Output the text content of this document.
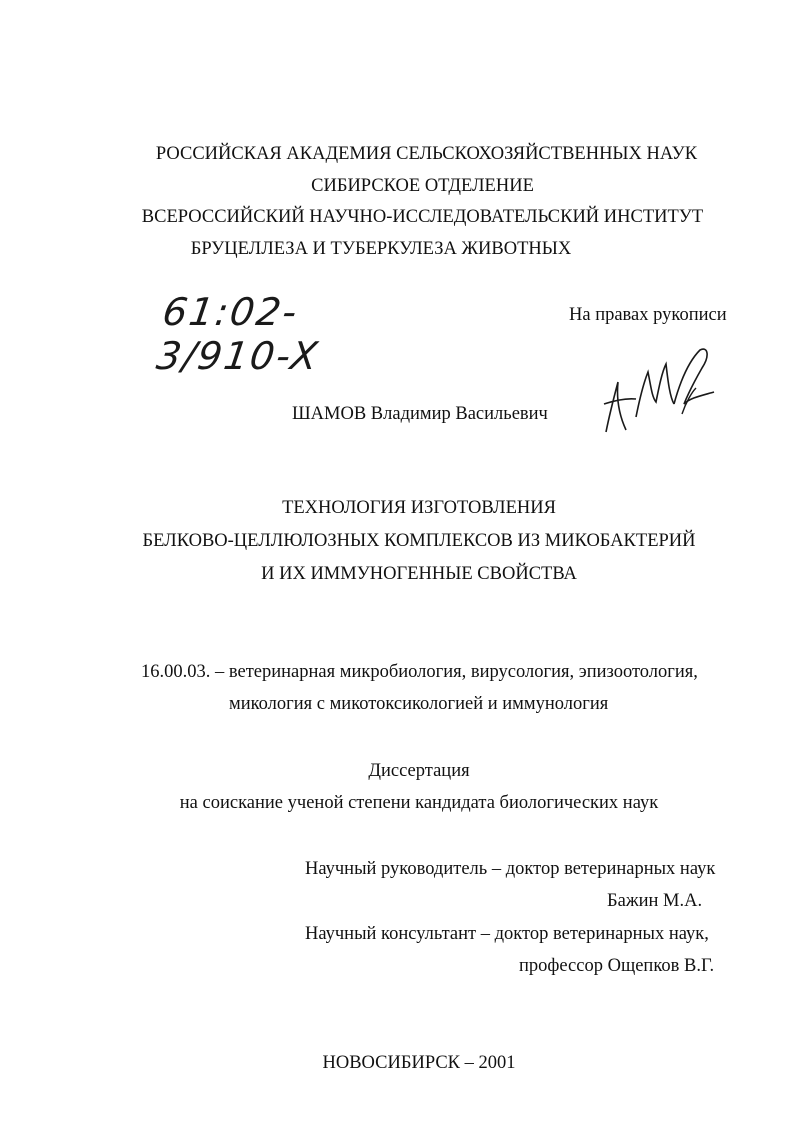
РОССИЙСКАЯ АКАДЕМИЯ СЕЛЬСКОХОЗЯЙСТВЕННЫХ НАУК
СИБИРСКОЕ ОТДЕЛЕНИЕ
ВСЕРОССИЙСКИЙ НАУЧНО-ИССЛЕДОВАТЕЛЬСКИЙ ИНСТИТУТ
БРУЦЕЛЛЕЗА И ТУБЕРКУЛЕЗА ЖИВОТНЫХ
61:02-3/910-X
На правах рукописи
ШАМОВ Владимир Васильевич
ТЕХНОЛОГИЯ ИЗГОТОВЛЕНИЯ
БЕЛКОВО-ЦЕЛЛЮЛОЗНЫХ КОМПЛЕКСОВ ИЗ МИКОБАКТЕРИЙ
И ИХ ИММУНОГЕННЫЕ СВОЙСТВА
16.00.03. – ветеринарная микробиология, вирусология, эпизоотология,
микология с микотоксикологией и иммунология
Диссертация
на соискание ученой степени кандидата биологических наук
Научный руководитель – доктор ветеринарных наук
Бажин М.А.
Научный консультант – доктор ветеринарных наук,
профессор Ощепков В.Г.
НОВОСИБИРСК – 2001
